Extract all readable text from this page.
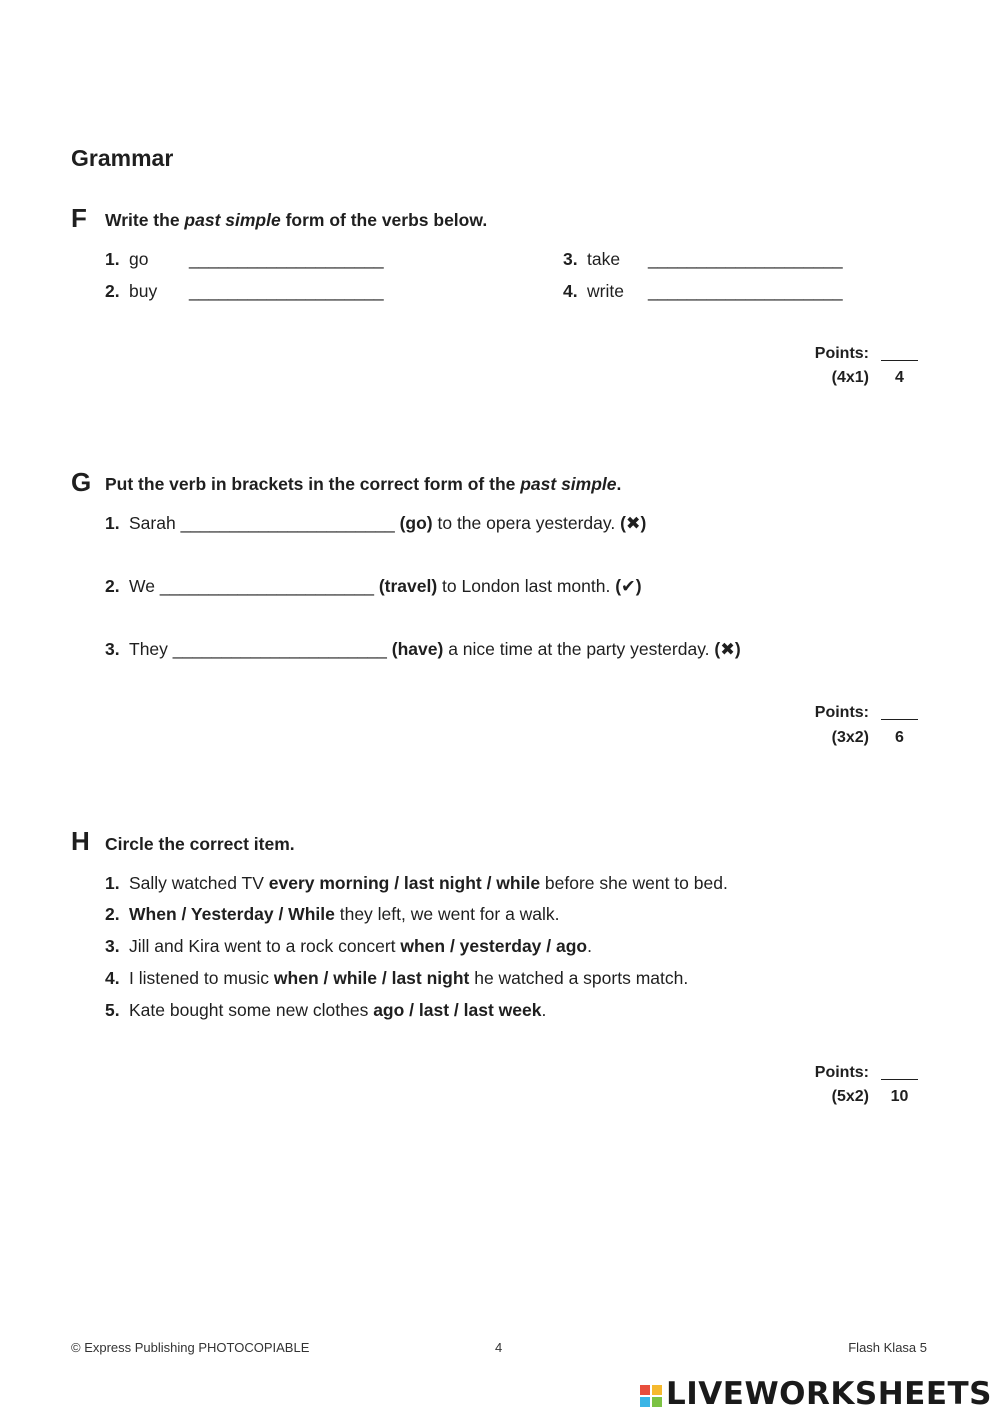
Grammar
F Write the past simple form of the verbs below.
1. go ____________________
2. buy ____________________
3. take ____________________
4. write ____________________
Points:
(4x1)	4
G Put the verb in brackets in the correct form of the past simple.
1. Sarah ______________________ (go) to the opera yesterday. (✖)
2. We ______________________ (travel) to London last month. (✔)
3. They ______________________ (have) a nice time at the party yesterday. (✖)
Points:
(3x2)	6
H Circle the correct item.
1. Sally watched TV every morning / last night / while before she went to bed.
2. When / Yesterday / While they left, we went for a walk.
3. Jill and Kira went to a rock concert when / yesterday / ago.
4. I listened to music when / while / last night he watched a sports match.
5. Kate bought some new clothes ago / last / last week.
Points:
(5x2)	10
© Express Publishing PHOTOCOPIABLE	4	Flash Klasa 5
LIVEWORKSHEETS
